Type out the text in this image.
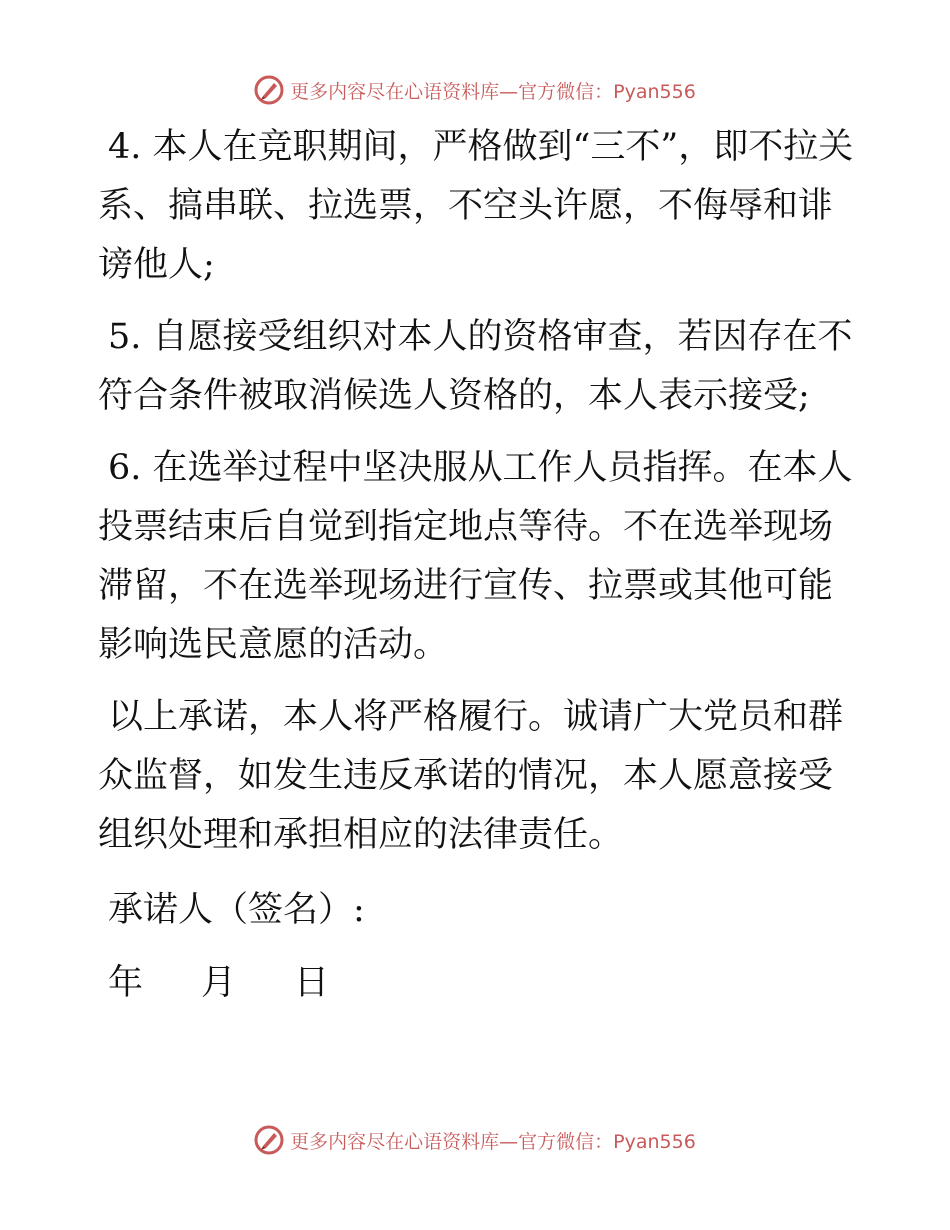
更多内容尽在心语资料库—官方微信：Pyan556

4. 本人在竞职期间，严格做到“三不”，即不拉关系、搞串联、拉选票，不空头许愿，不侮辱和诽谤他人;

5. 自愿接受组织对本人的资格审查，若因存在不符合条件被取消候选人资格的，本人表示接受;

6. 在选举过程中坚决服从工作人员指挥。在本人投票结束后自觉到指定地点等待。不在选举现场滞留，不在选举现场进行宣传、拉票或其他可能影响选民意愿的活动。

以上承诺，本人将严格履行。诚请广大党员和群众监督，如发生违反承诺的情况，本人愿意接受组织处理和承担相应的法律责任。

承诺人（签名）:

年 月 日
更多内容尽在心语资料库—官方微信：Pyan556
